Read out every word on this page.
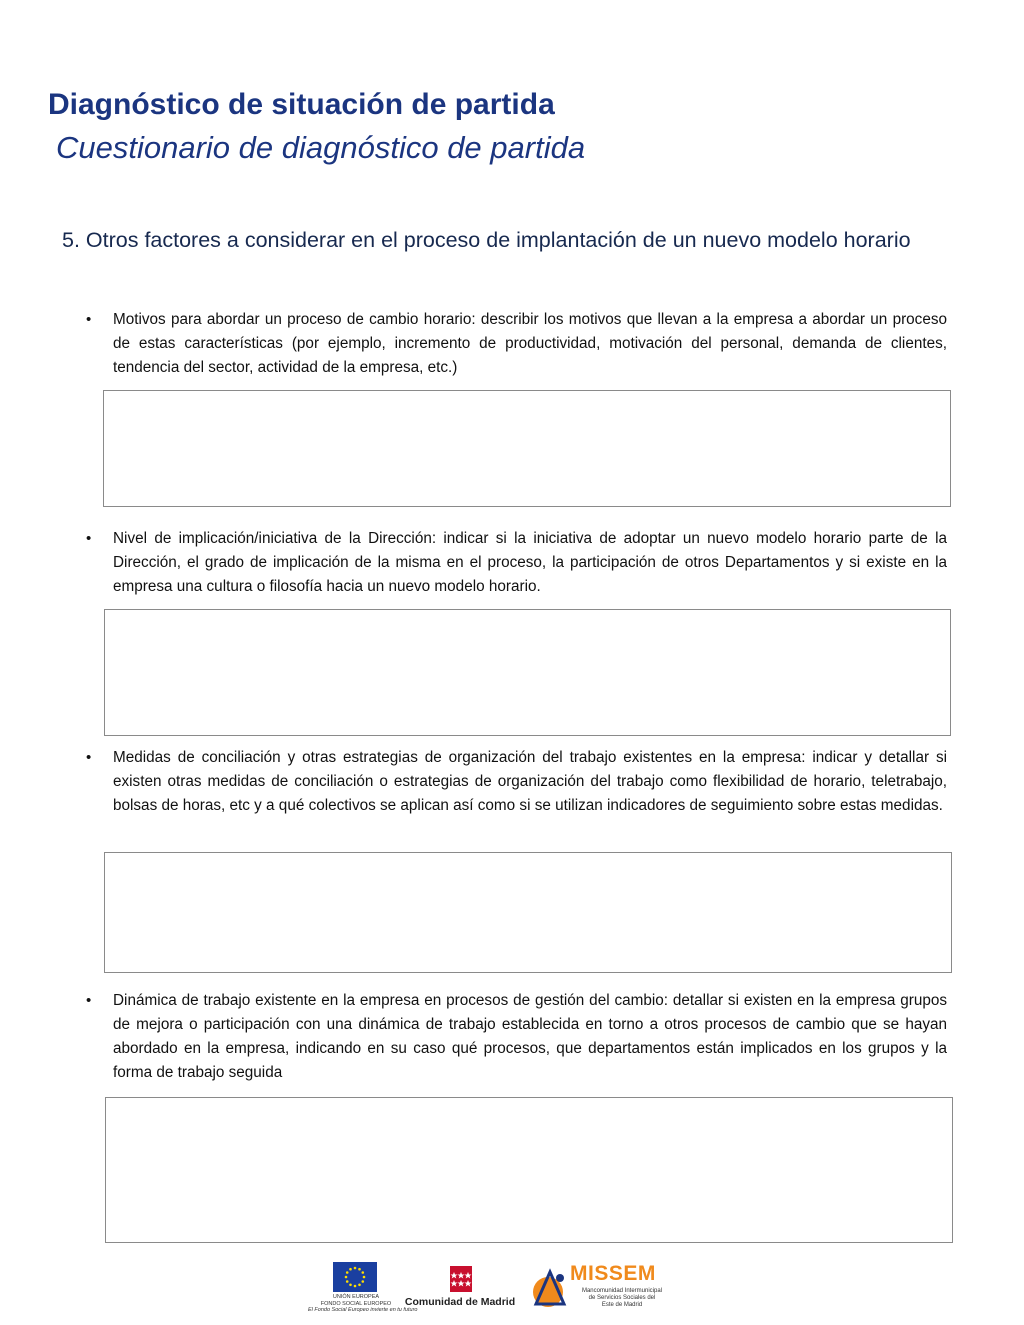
Diagnóstico de situación de partida
Cuestionario de diagnóstico de partida
5. Otros factores a considerar en el proceso de implantación de un nuevo modelo horario
• Motivos para abordar un proceso de cambio horario: describir los motivos que llevan a la empresa a abordar un proceso de estas características (por ejemplo, incremento de productividad, motivación del personal, demanda de clientes, tendencia del sector, actividad de la empresa, etc.)

• Nivel de implicación/iniciativa de la Dirección: indicar si la iniciativa de adoptar un nuevo modelo horario parte de la Dirección, el grado de implicación de la misma en el proceso, la participación de otros Departamentos y si existe en la empresa una cultura o filosofía hacia un nuevo modelo horario.

• Medidas de conciliación y otras estrategias de organización del trabajo existentes en la empresa: indicar y detallar si existen otras medidas de conciliación o estrategias de organización del trabajo como flexibilidad de horario, teletrabajo, bolsas de horas, etc y a qué colectivos se aplican así como si se utilizan indicadores de seguimiento sobre estas medidas.

• Dinámica de trabajo existente en la empresa en procesos de gestión del cambio: detallar si existen en la empresa grupos de mejora o participación con una dinámica de trabajo establecida en torno a otros procesos de cambio que se hayan abordado en la empresa, indicando en su caso qué procesos, que departamentos están implicados en los grupos y la forma de trabajo seguida

UNIÓN EUROPEA
FONDO SOCIAL EUROPEO
El Fondo Social Europeo invierte en tu futuro
Comunidad de Madrid
MISSEM
Mancomunidad Intermunicipal
de Servicios Sociales del
Este de Madrid
